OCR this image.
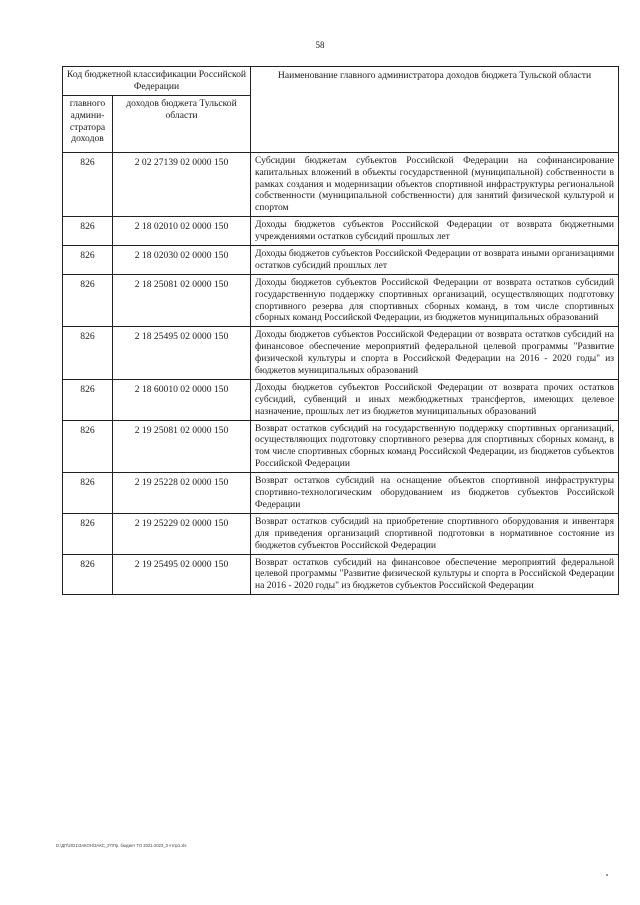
58
Код бюджетной классификации Российской Федерации		Наименование главного администратора доходов бюджета Тульской области
главного админи-стратора доходов	доходов бюджета Тульской области	
826	2 02 27139 02 0000 150	Субсидии бюджетам субъектов Российской Федерации на софинансирование капитальных вложений в объекты государственной (муниципальной) собственности в рамках создания и модернизации объектов спортивной инфраструктуры региональной собственности (муниципальной собственности) для занятий физической культурой и спортом
826	2 18 02010 02 0000 150	Доходы бюджетов субъектов Российской Федерации от возврата бюджетными учреждениями остатков субсидий прошлых лет
826	2 18 02030 02 0000 150	Доходы бюджетов субъектов Российской Федерации от возврата иными организациями остатков субсидий прошлых лет
826	2 18 25081 02 0000 150	Доходы бюджетов субъектов Российской Федерации от возврата остатков субсидий государственную поддержку спортивных организаций, осуществляющих подготовку спортивного резерва для спортивных сборных команд, в том числе спортивных сборных команд Российской Федерации, из бюджетов муниципальных образований
826	2 18 25495 02 0000 150	Доходы бюджетов субъектов Российской Федерации от возврата остатков субсидий на финансовое обеспечение мероприятий федеральной целевой программы "Развитие физической культуры и спорта в Российской Федерации на 2016 - 2020 годы" из бюджетов муниципальных образований
826	2 18 60010 02 0000 150	Доходы бюджетов субъектов Российской Федерации от возврата прочих остатков субсидий, субвенций и иных межбюджетных трансфертов, имеющих целевое назначение, прошлых лет из бюджетов муниципальных образований
826	2 19 25081 02 0000 150	Возврат остатков субсидий на государственную поддержку спортивных организаций, осуществляющих подготовку спортивного резерва для спортивных сборных команд, в том числе спортивных сборных команд Российской Федерации, из бюджетов субъектов Российской Федерации
826	2 19 25228 02 0000 150	Возврат остатков субсидий на оснащение объектов спортивной инфраструктуры спортивно-технологическим оборудованием из бюджетов субъектов Российской Федерации
826	2 19 25229 02 0000 150	Возврат остатков субсидий на приобретение спортивного оборудования и инвентаря для приведения организаций спортивной подготовки в нормативное состояние из бюджетов субъектов Российской Федерации
826	2 19 25495 02 0000 150	Возврат остатков субсидий на финансовое обеспечение мероприятий федеральной целевой программы "Развитие физической культуры и спорта в Российской Федерации на 2016 - 2020 годы" из бюджетов субъектов Российской Федерации
D:\ДП\2021\ЗАКОН\ЗАКС_27\Пр. бюджет ТО 2021-2023_3 чтпр1.xls
